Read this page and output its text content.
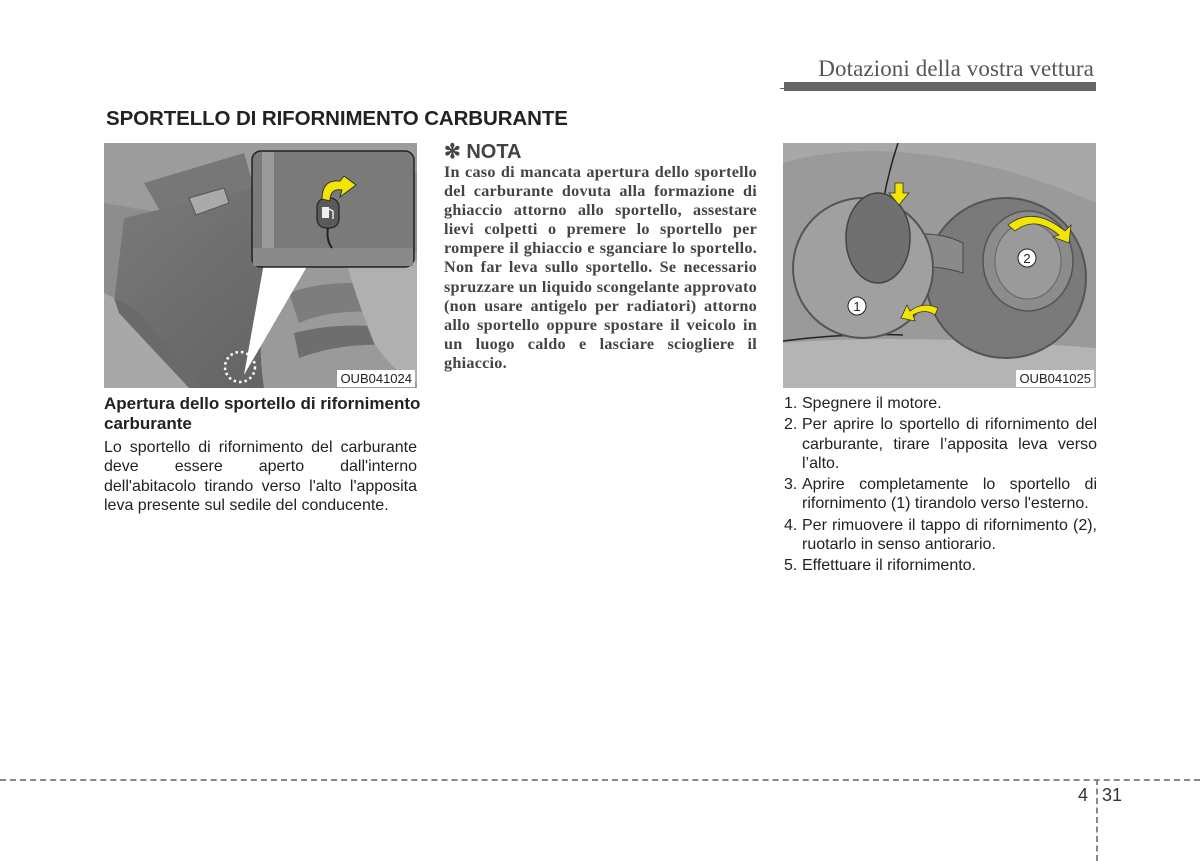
Dotazioni della vostra vettura
SPORTELLO DI RIFORNIMENTO CARBURANTE
OUB041024
✻ NOTA
In caso di mancata apertura dello sportello del carburante dovuta alla formazione di ghiaccio attorno allo sportello, assestare lievi colpetti o premere lo sportello per rompere il ghiaccio e sganciare lo sportello. Non far leva sullo sportello. Se necessario spruzzare un liquido scongelante approvato (non usare antigelo per radiatori) attorno allo sportello oppure spostare il veicolo in un luogo caldo e lasciare sciogliere il ghiaccio.
2
1
OUB041025
Apertura dello sportello di rifornimento carburante
Lo sportello di rifornimento del carburante deve essere aperto dall'interno dell'abitacolo tirando verso l'alto l'apposita leva presente sul sedile del conducente.
1. Spegnere il motore.
2. Per aprire lo sportello di rifornimento del carburante, tirare l’apposita leva verso l’alto.
3. Aprire completamente lo sportello di rifornimento (1) tirandolo verso l'esterno.
4. Per rimuovere il tappo di rifornimento (2), ruotarlo in senso antiorario.
5. Effettuare il rifornimento.
4 31
